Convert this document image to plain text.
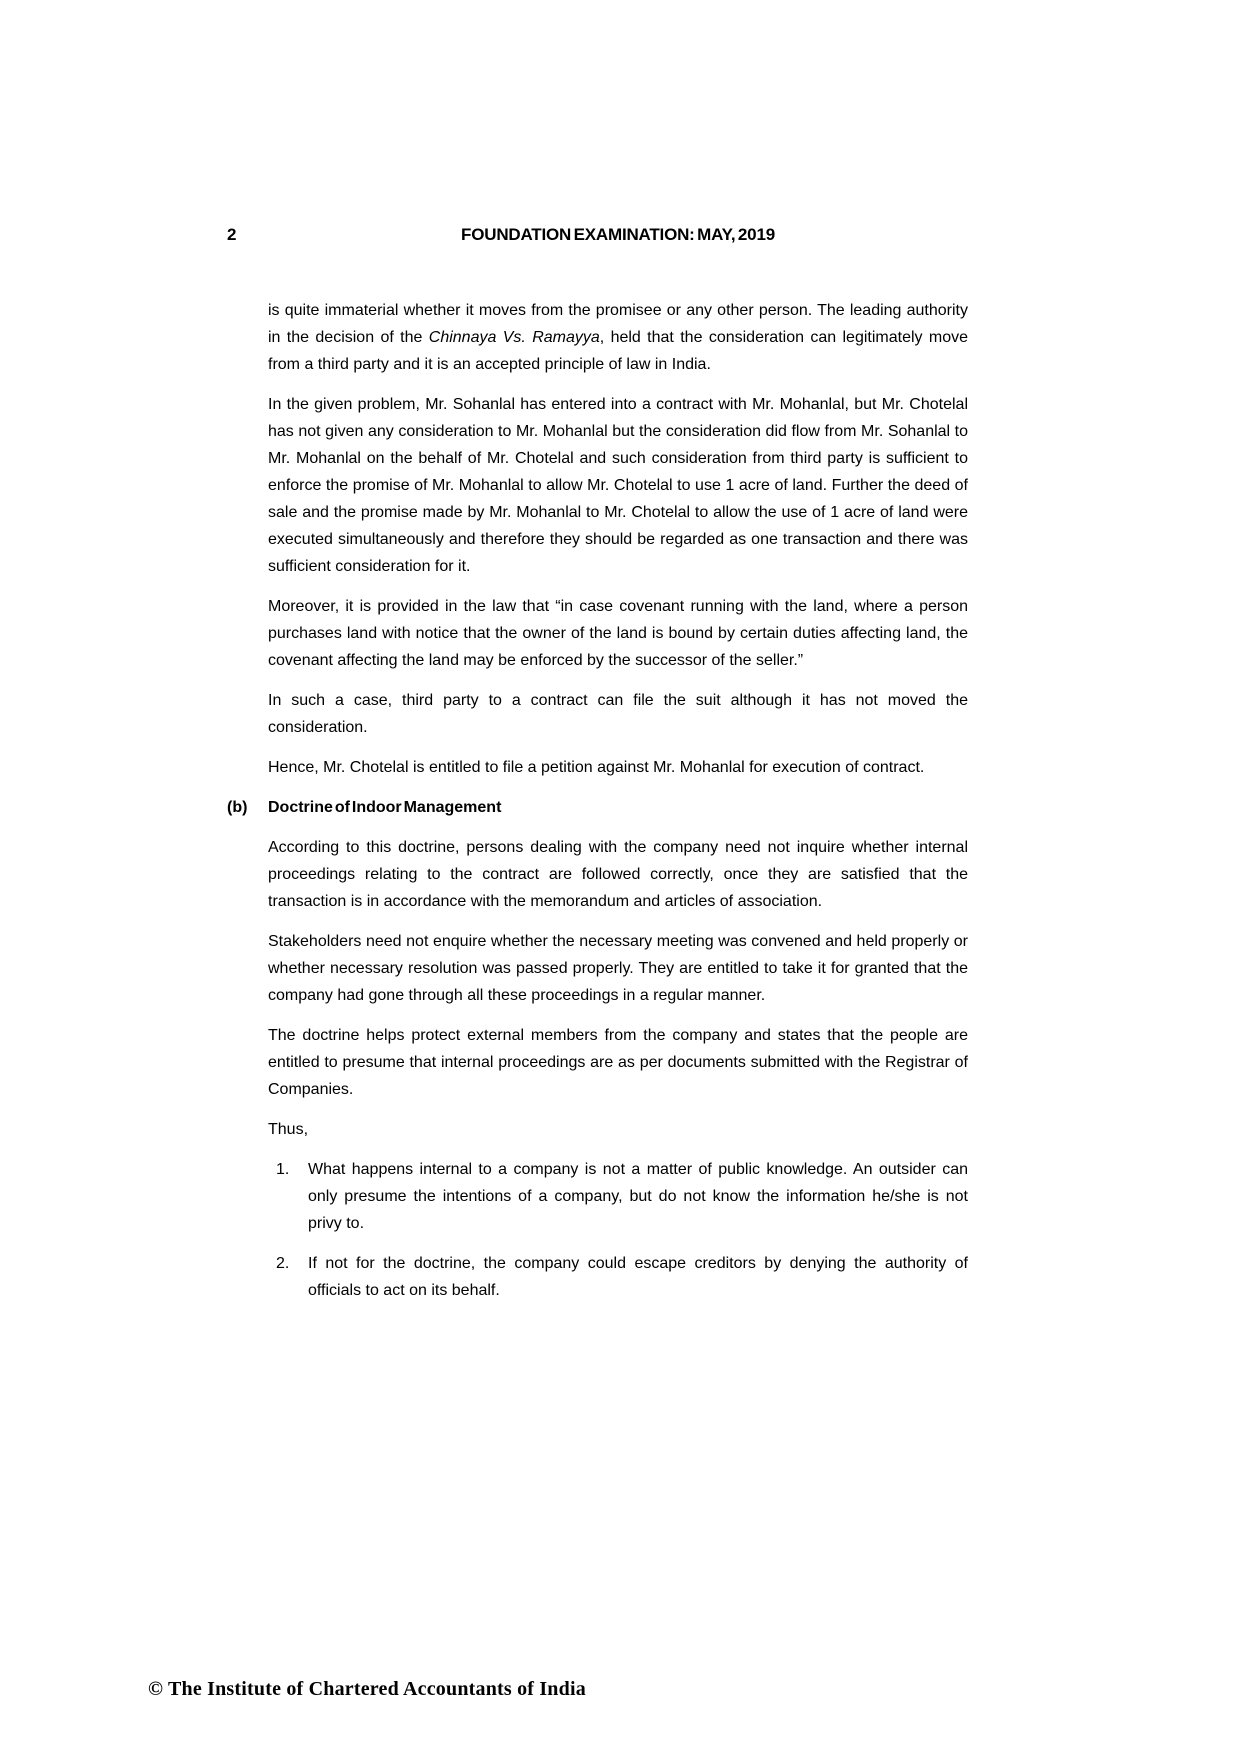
2	FOUNDATION EXAMINATION: MAY, 2019

is quite immaterial whether it moves from the promisee or any other person. The leading authority in the decision of the Chinnaya Vs. Ramayya, held that the consideration can legitimately move from a third party and it is an accepted principle of law in India.

In the given problem, Mr. Sohanlal has entered into a contract with Mr. Mohanlal, but Mr. Chotelal has not given any consideration to Mr. Mohanlal but the consideration did flow from Mr. Sohanlal to Mr. Mohanlal on the behalf of Mr. Chotelal and such consideration from third party is sufficient to enforce the promise of Mr. Mohanlal to allow Mr. Chotelal to use 1 acre of land. Further the deed of sale and the promise made by Mr. Mohanlal to Mr. Chotelal to allow the use of 1 acre of land were executed simultaneously and therefore they should be regarded as one transaction and there was sufficient consideration for it.

Moreover, it is provided in the law that “in case covenant running with the land, where a person purchases land with notice that the owner of the land is bound by certain duties affecting land, the covenant affecting the land may be enforced by the successor of the seller.”

In such a case, third party to a contract can file the suit although it has not moved the consideration.

Hence, Mr. Chotelal is entitled to file a petition against Mr. Mohanlal for execution of contract.

(b) Doctrine of Indoor Management

According to this doctrine, persons dealing with the company need not inquire whether internal proceedings relating to the contract are followed correctly, once they are satisfied that the transaction is in accordance with the memorandum and articles of association.

Stakeholders need not enquire whether the necessary meeting was convened and held properly or whether necessary resolution was passed properly. They are entitled to take it for granted that the company had gone through all these proceedings in a regular manner.

The doctrine helps protect external members from the company and states that the people are entitled to presume that internal proceedings are as per documents submitted with the Registrar of Companies.

Thus,

1.	What happens internal to a company is not a matter of public knowledge. An outsider can only presume the intentions of a company, but do not know the information he/she is not privy to.
2.	If not for the doctrine, the company could escape creditors by denying the authority of officials to act on its behalf.
© The Institute of Chartered Accountants of India
